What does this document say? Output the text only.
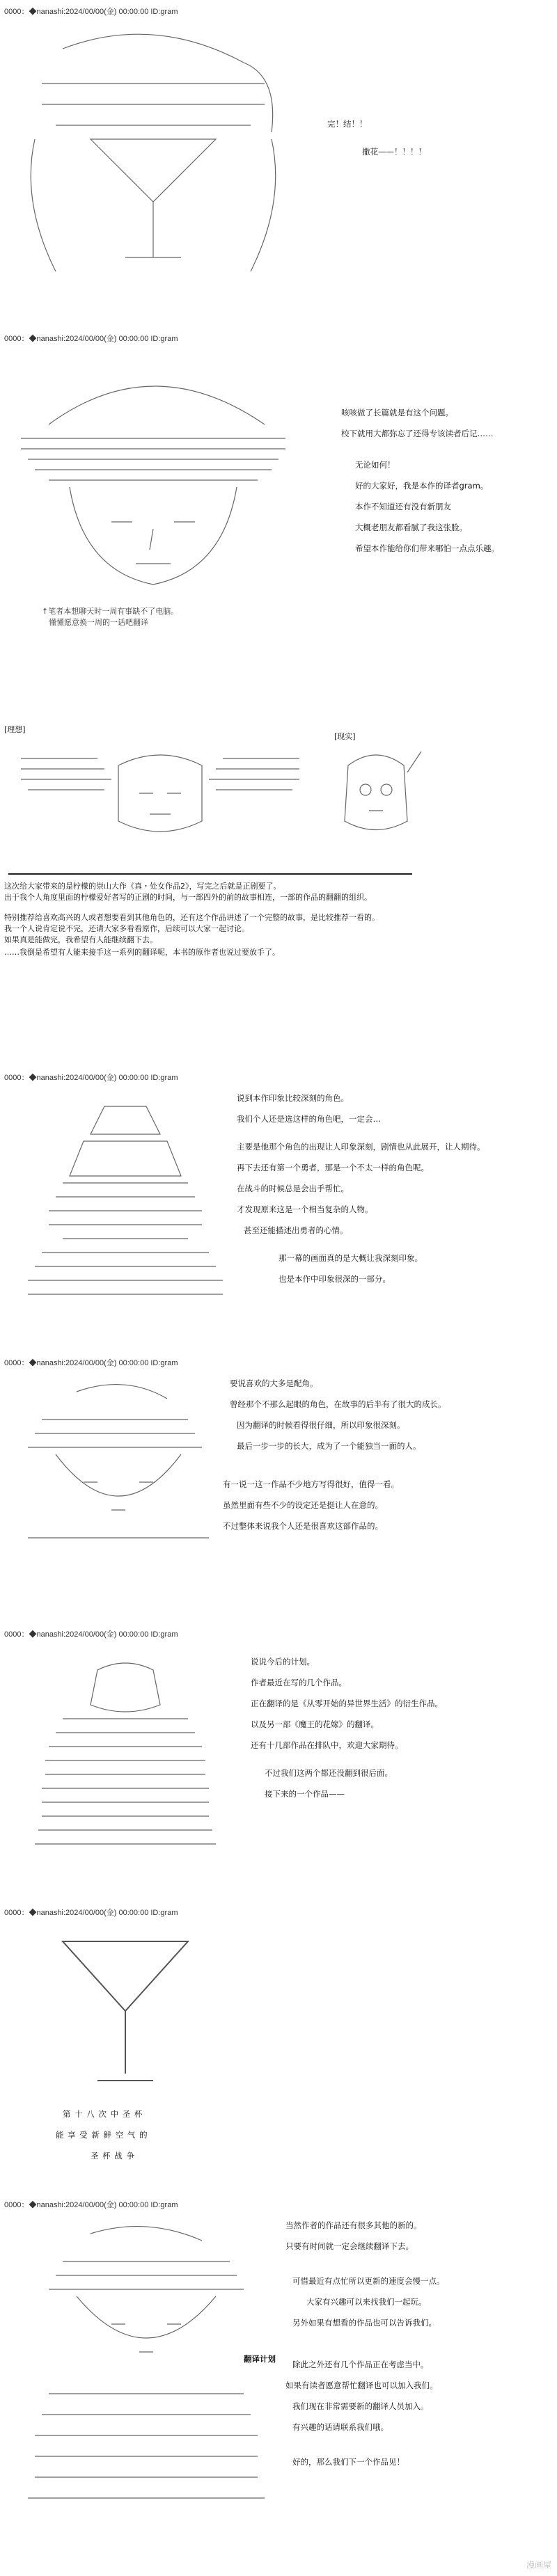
0000：◆nanashi:2024/00/00(金) 00:00:00 ID:gram
完！结！！
撒花——！！！！
0000：◆nanashi:2024/00/00(金) 00:00:00 ID:gram
咳咳做了长篇就是有这个问题。
校下就用大都弥忘了还得专该读者后记……
无论如何！
好的大家好，我是本作的译者gram。
本作不知道还有没有新朋友
大概老朋友都看腻了我这张脸。
希望本作能给你们带来哪怕一点点乐趣。
↑笔者本想聊天时一周有事缺不了电脑。
懂懂愿意换一周的一话吧翻译
[理想]
[现实]
这次给大家带来的是柠檬的崇山大作《真・处女作品2》，写完之后就是正剧要了。
出于我个人角度里面的柠檬爱好者写的正剧的时间，与一部四外的前的故事相连，一部的作品的翻翻的组织。
特别推荐给喜欢高兴的人或者想要看到其他角色的，还有这个作品讲述了一个完整的故事，是比较推荐一看的。
我一个人说肯定说不完，还请大家多看看原作，后续可以大家一起讨论。
如果真是能做完，我希望有人能继续翻下去。
……我倒是希望有人能来接手这一系列的翻译呢，本书的原作者也说过要放手了。
0000：◆nanashi:2024/00/00(金) 00:00:00 ID:gram
说到本作印象比较深刻的角色。
我们个人还是选这样的角色吧，一定会…
主要是他那个角色的出现让人印象深刻，剧情也从此展开，让人期待。
再下去还有第一个勇者，那是一个不太一样的角色呢。
在战斗的时候总是会出手帮忙。
才发现原来这是一个相当复杂的人物。
甚至还能描述出勇者的心情。
那一幕的画面真的是大概让我深刻印象。
也是本作中印象很深的一部分。
0000：◆nanashi:2024/00/00(金) 00:00:00 ID:gram
要说喜欢的大多是配角。
曾经那个不那么起眼的角色，在故事的后半有了很大的成长。
因为翻译的时候看得很仔细，所以印象很深刻。
最后一步一步的长大，成为了一个能独当一面的人。
有一说一这一作品不少地方写得很好，值得一看。
虽然里面有些不少的设定还是挺让人在意的。
不过整体来说我个人还是很喜欢这部作品的。
0000：◆nanashi:2024/00/00(金) 00:00:00 ID:gram
说说今后的计划。
作者最近在写的几个作品。
正在翻译的是《从零开始的异世界生活》的衍生作品。
以及另一部《魔王的花嫁》的翻译。
还有十几部作品在排队中，欢迎大家期待。
不过我们这两个都还没翻到很后面。
接下来的一个作品——
0000：◆nanashi:2024/00/00(金) 00:00:00 ID:gram
第 十 八 次 中 圣 杯
能 享 受 新 鲜 空 气 的
圣 杯 战 争
0000：◆nanashi:2024/00/00(金) 00:00:00 ID:gram
翻译计划
当然作者的作品还有很多其他的新的。
只要有时间就一定会继续翻译下去。
可惜最近有点忙所以更新的速度会慢一点。
大家有兴趣可以来找我们一起玩。
另外如果有想看的作品也可以告诉我们。
除此之外还有几个作品正在考虑当中。
如果有读者愿意帮忙翻译也可以加入我们。
我们现在非常需要新的翻译人员加入。
有兴趣的话请联系我们哦。
好的，那么我们下一个作品见！
漫画屋
